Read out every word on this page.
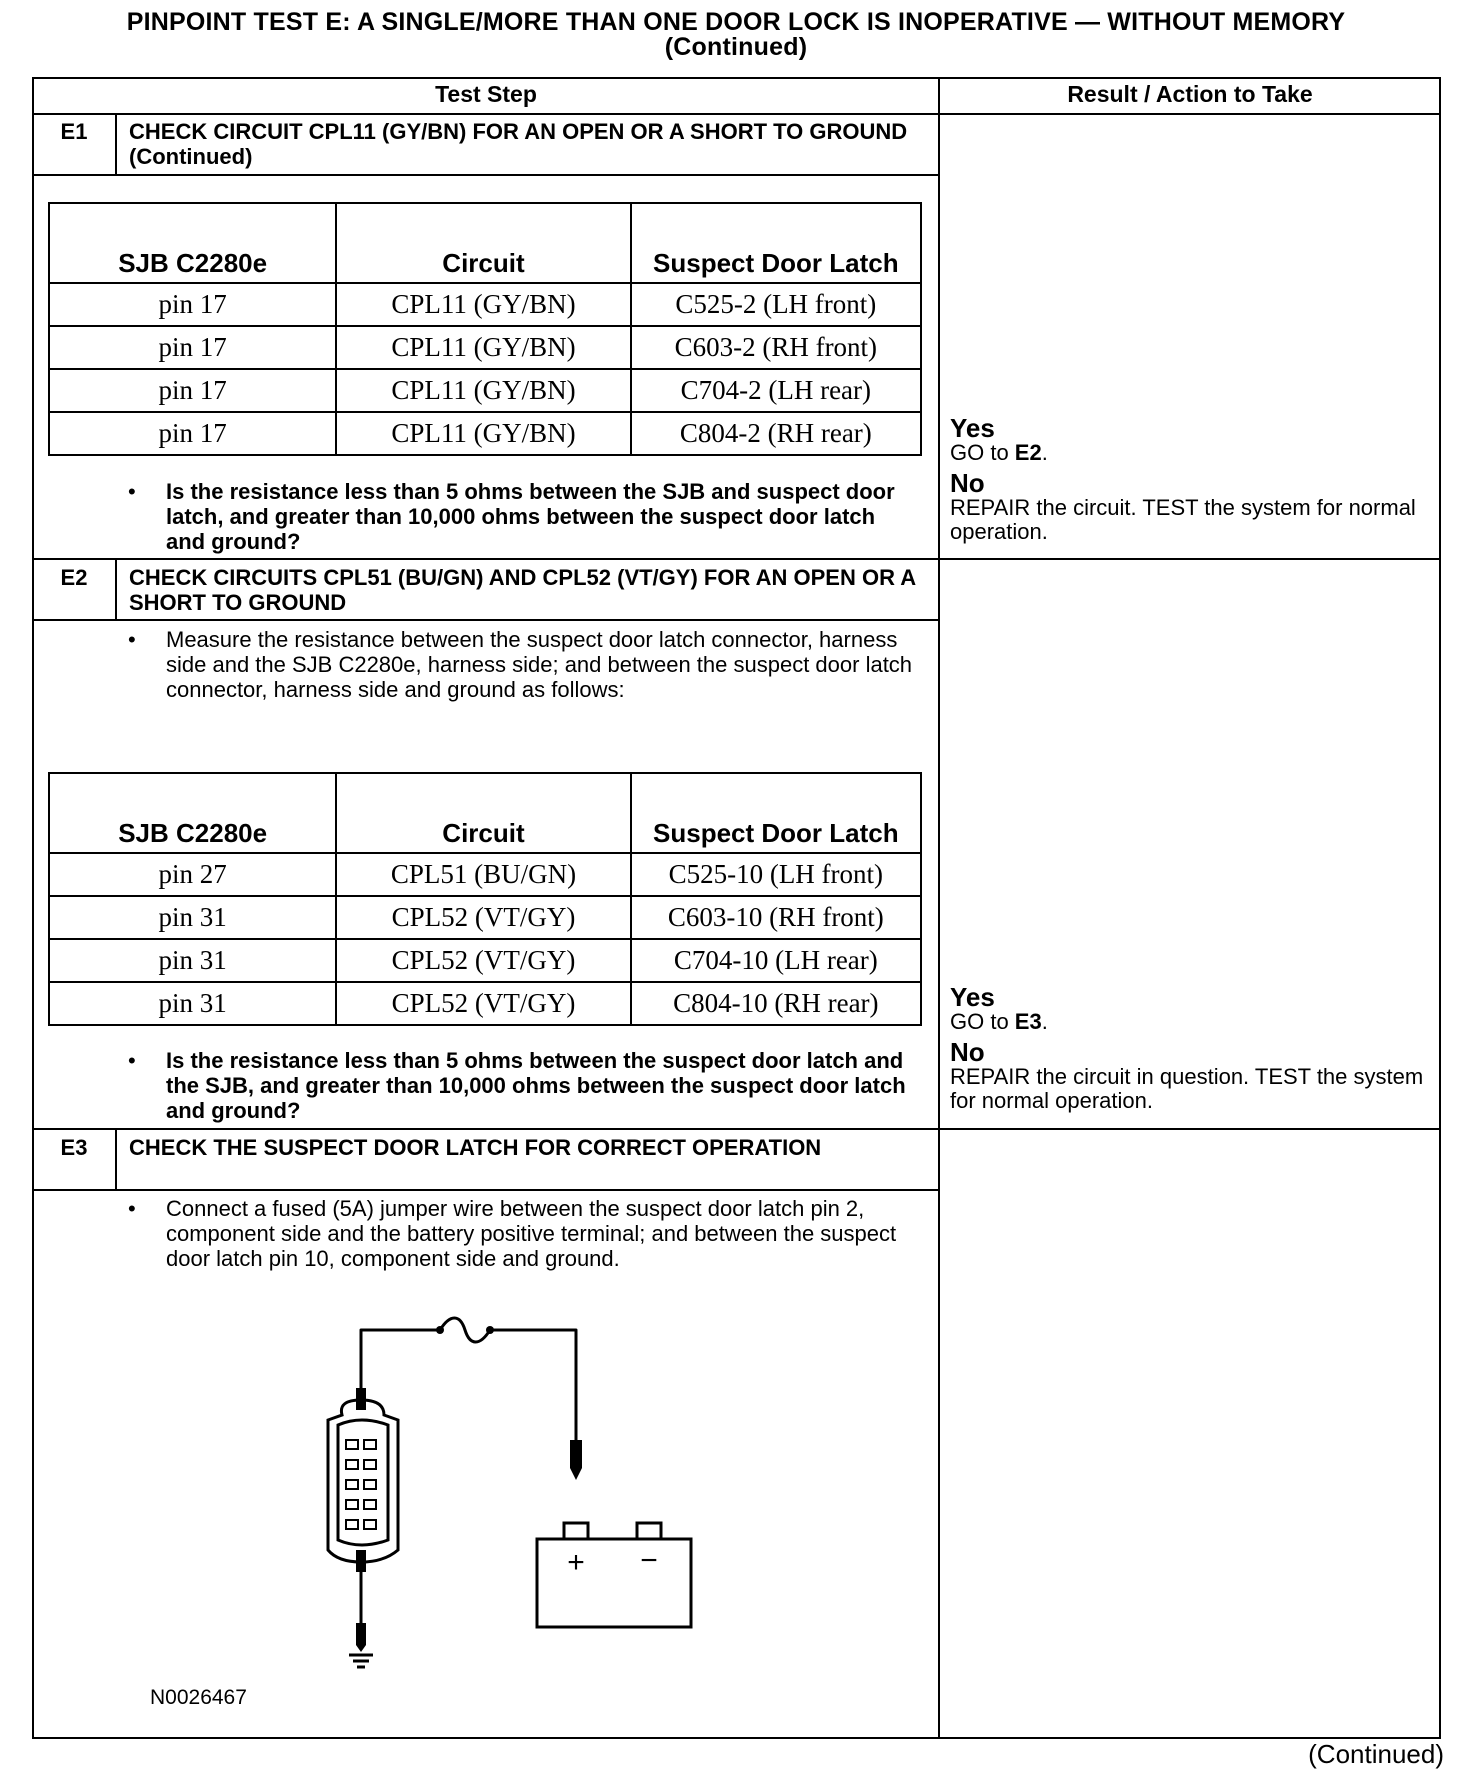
PINPOINT TEST E: A SINGLE/MORE THAN ONE DOOR LOCK IS INOPERATIVE — WITHOUT MEMORY
(Continued)
Test Step	Result / Action to Take
E1	CHECK CIRCUIT CPL11 (GY/BN) FOR AN OPEN OR A SHORT TO GROUND (Continued)
SJB C2280e	Circuit	Suspect Door Latch
pin 17	CPL11 (GY/BN)	C525-2 (LH front)
pin 17	CPL11 (GY/BN)	C603-2 (RH front)
pin 17	CPL11 (GY/BN)	C704-2 (LH rear)
pin 17	CPL11 (GY/BN)	C804-2 (RH rear)
• Is the resistance less than 5 ohms between the SJB and suspect door latch, and greater than 10,000 ohms between the suspect door latch and ground?
Yes
GO to E2.
No
REPAIR the circuit. TEST the system for normal operation.
E2	CHECK CIRCUITS CPL51 (BU/GN) AND CPL52 (VT/GY) FOR AN OPEN OR A SHORT TO GROUND
• Measure the resistance between the suspect door latch connector, harness side and the SJB C2280e, harness side; and between the suspect door latch connector, harness side and ground as follows:
SJB C2280e	Circuit	Suspect Door Latch
pin 27	CPL51 (BU/GN)	C525-10 (LH front)
pin 31	CPL52 (VT/GY)	C603-10 (RH front)
pin 31	CPL52 (VT/GY)	C704-10 (LH rear)
pin 31	CPL52 (VT/GY)	C804-10 (RH rear)
• Is the resistance less than 5 ohms between the suspect door latch and the SJB, and greater than 10,000 ohms between the suspect door latch and ground?
Yes
GO to E3.
No
REPAIR the circuit in question. TEST the system for normal operation.
E3	CHECK THE SUSPECT DOOR LATCH FOR CORRECT OPERATION
• Connect a fused (5A) jumper wire between the suspect door latch pin 2, component side and the battery positive terminal; and between the suspect door latch pin 10, component side and ground.
+ −
N0026467
(Continued)
